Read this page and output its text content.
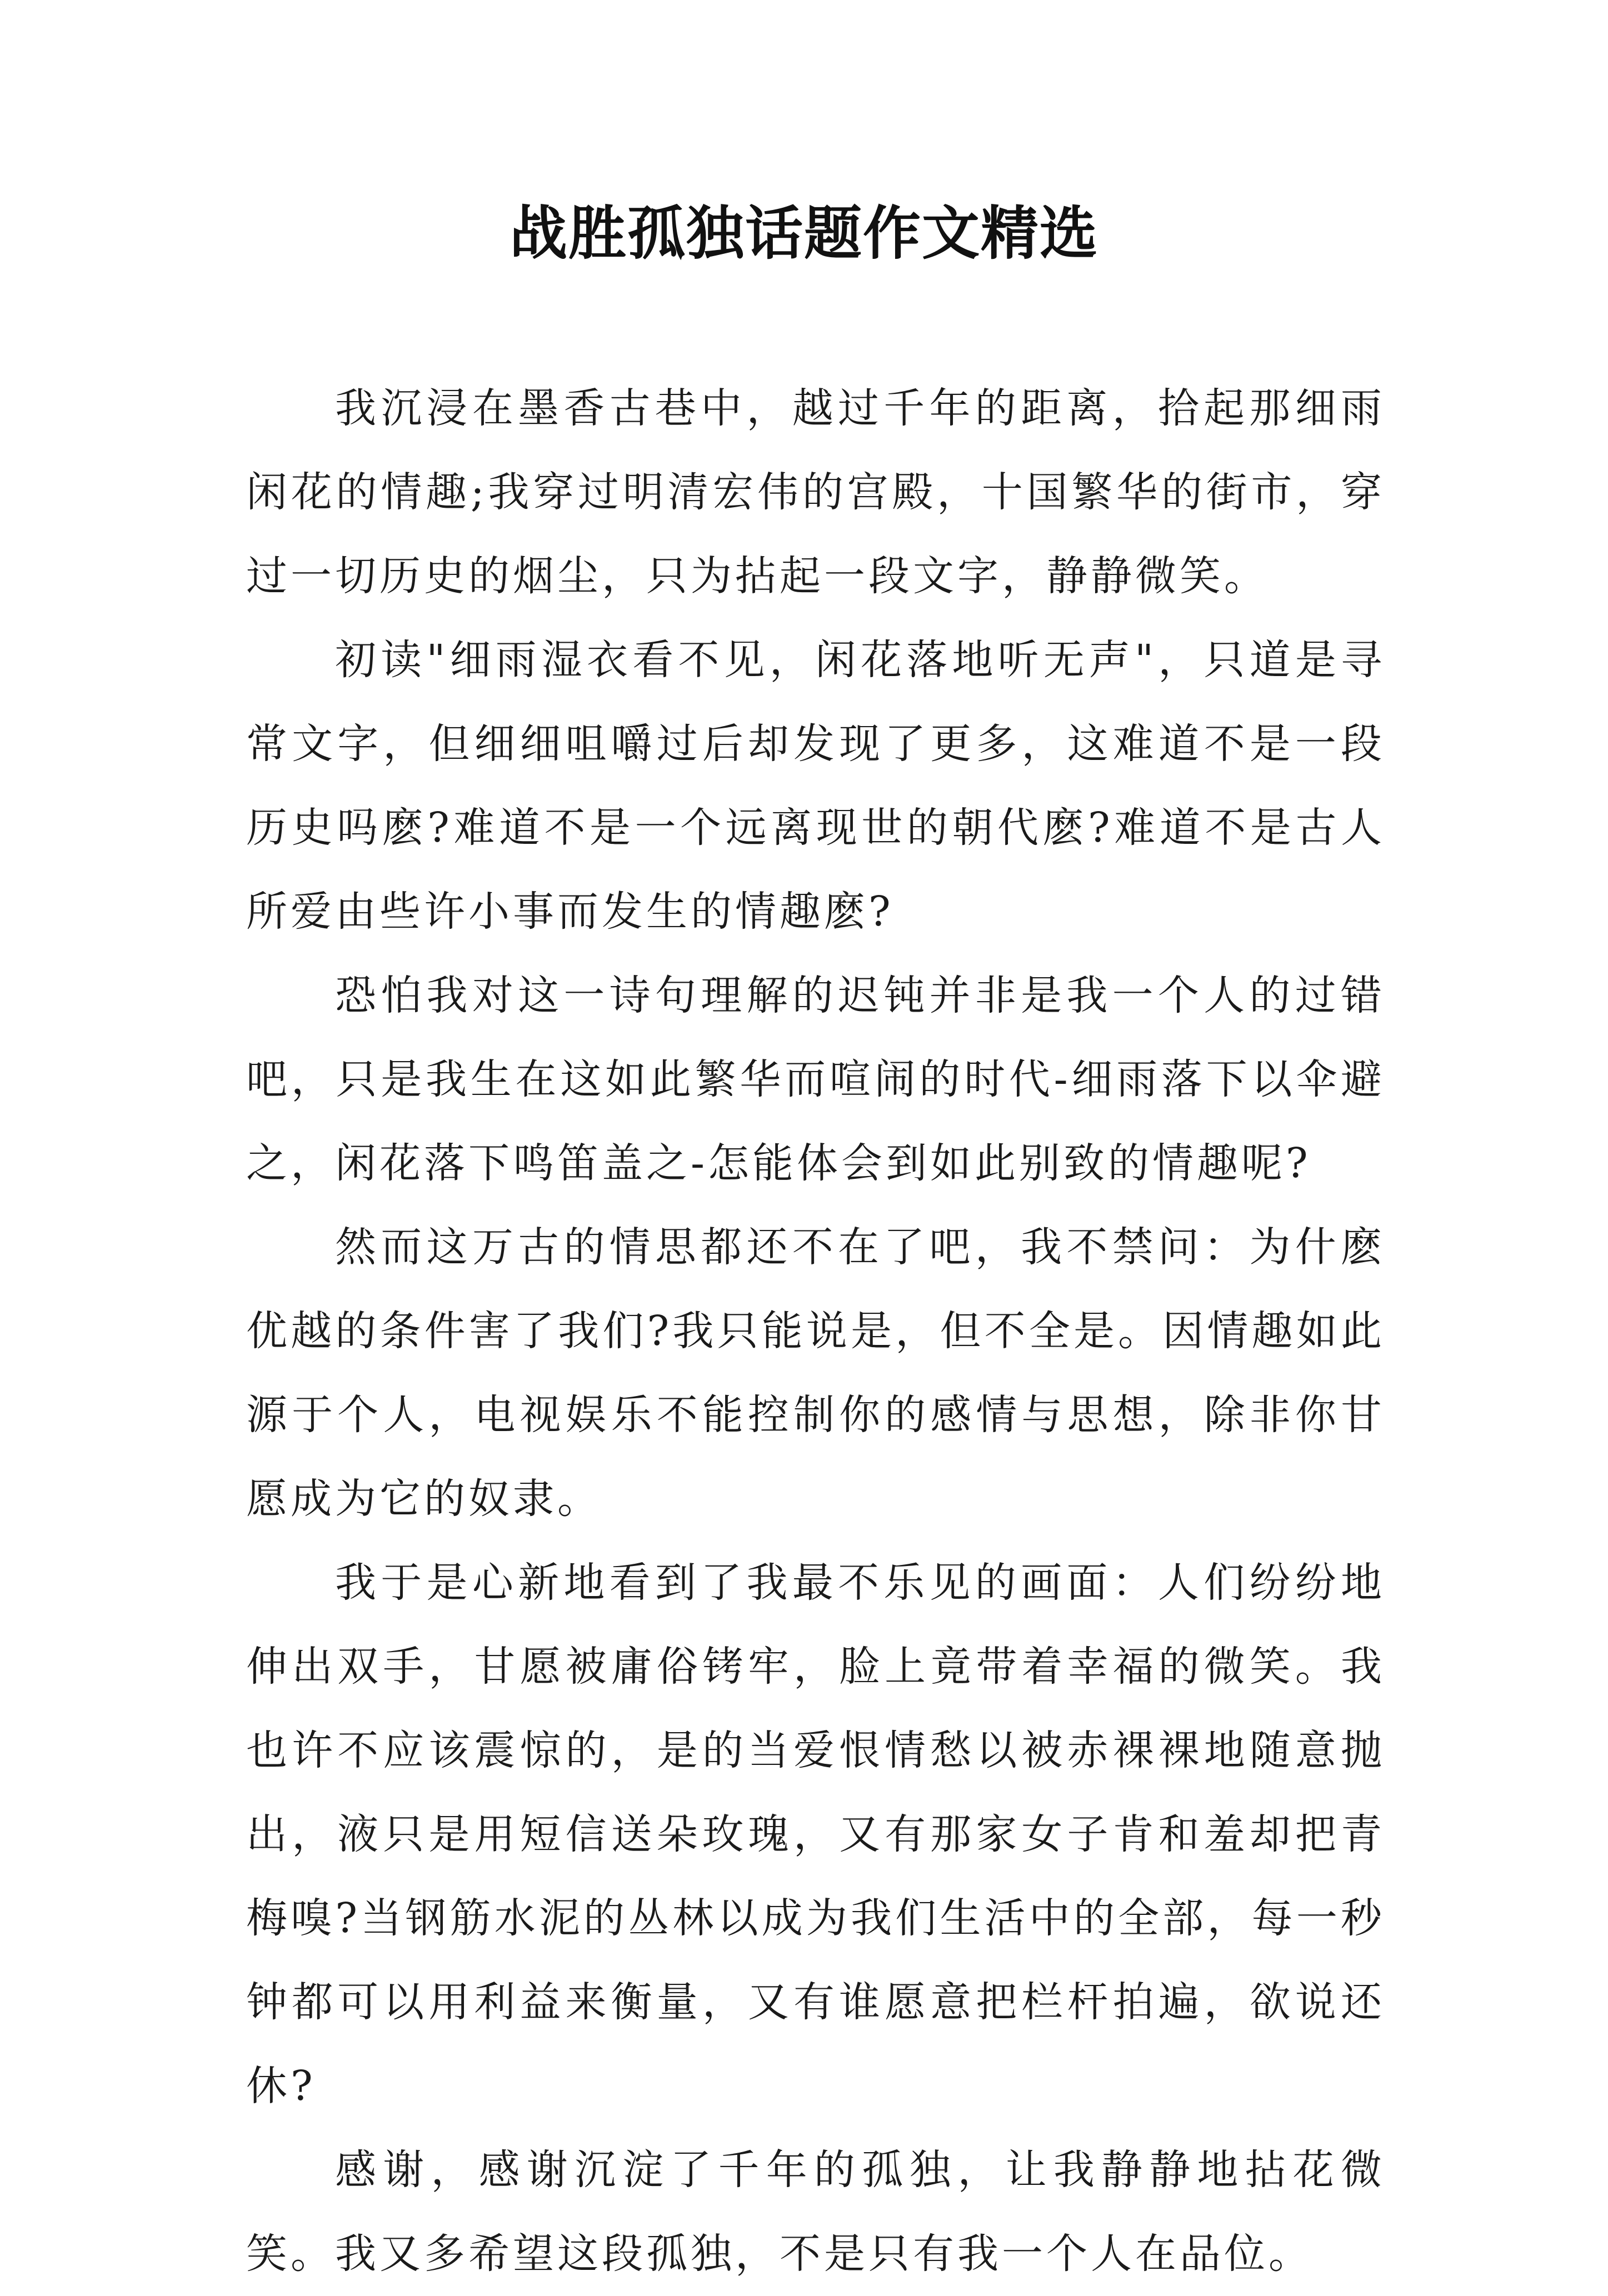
战胜孤独话题作文精选

我沉浸在墨香古巷中，越过千年的距离，拾起那细雨闲花的情趣;我穿过明清宏伟的宫殿，十国繁华的街市，穿过一切历史的烟尘，只为拈起一段文字，静静微笑。

初读"细雨湿衣看不见，闲花落地听无声"，只道是寻常文字，但细细咀嚼过后却发现了更多，这难道不是一段历史吗麽?难道不是一个远离现世的朝代麽?难道不是古人所爱由些许小事而发生的情趣麽?

恐怕我对这一诗句理解的迟钝并非是我一个人的过错吧，只是我生在这如此繁华而喧闹的时代-细雨落下以伞避之，闲花落下鸣笛盖之-怎能体会到如此别致的情趣呢?

然而这万古的情思都还不在了吧，我不禁问：为什麽优越的条件害了我们?我只能说是，但不全是。因情趣如此源于个人，电视娱乐不能控制你的感情与思想，除非你甘愿成为它的奴隶。

我于是心新地看到了我最不乐见的画面：人们纷纷地伸出双手，甘愿被庸俗铐牢，脸上竟带着幸福的微笑。我也许不应该震惊的，是的当爱恨情愁以被赤裸裸地随意抛出，液只是用短信送朵玫瑰，又有那家女子肯和羞却把青梅嗅?当钢筋水泥的丛林以成为我们生活中的全部，每一秒钟都可以用利益来衡量，又有谁愿意把栏杆拍遍，欲说还休?

感谢，感谢沉淀了千年的孤独，让我静静地拈花微笑。我又多希望这段孤独，不是只有我一个人在品位。
